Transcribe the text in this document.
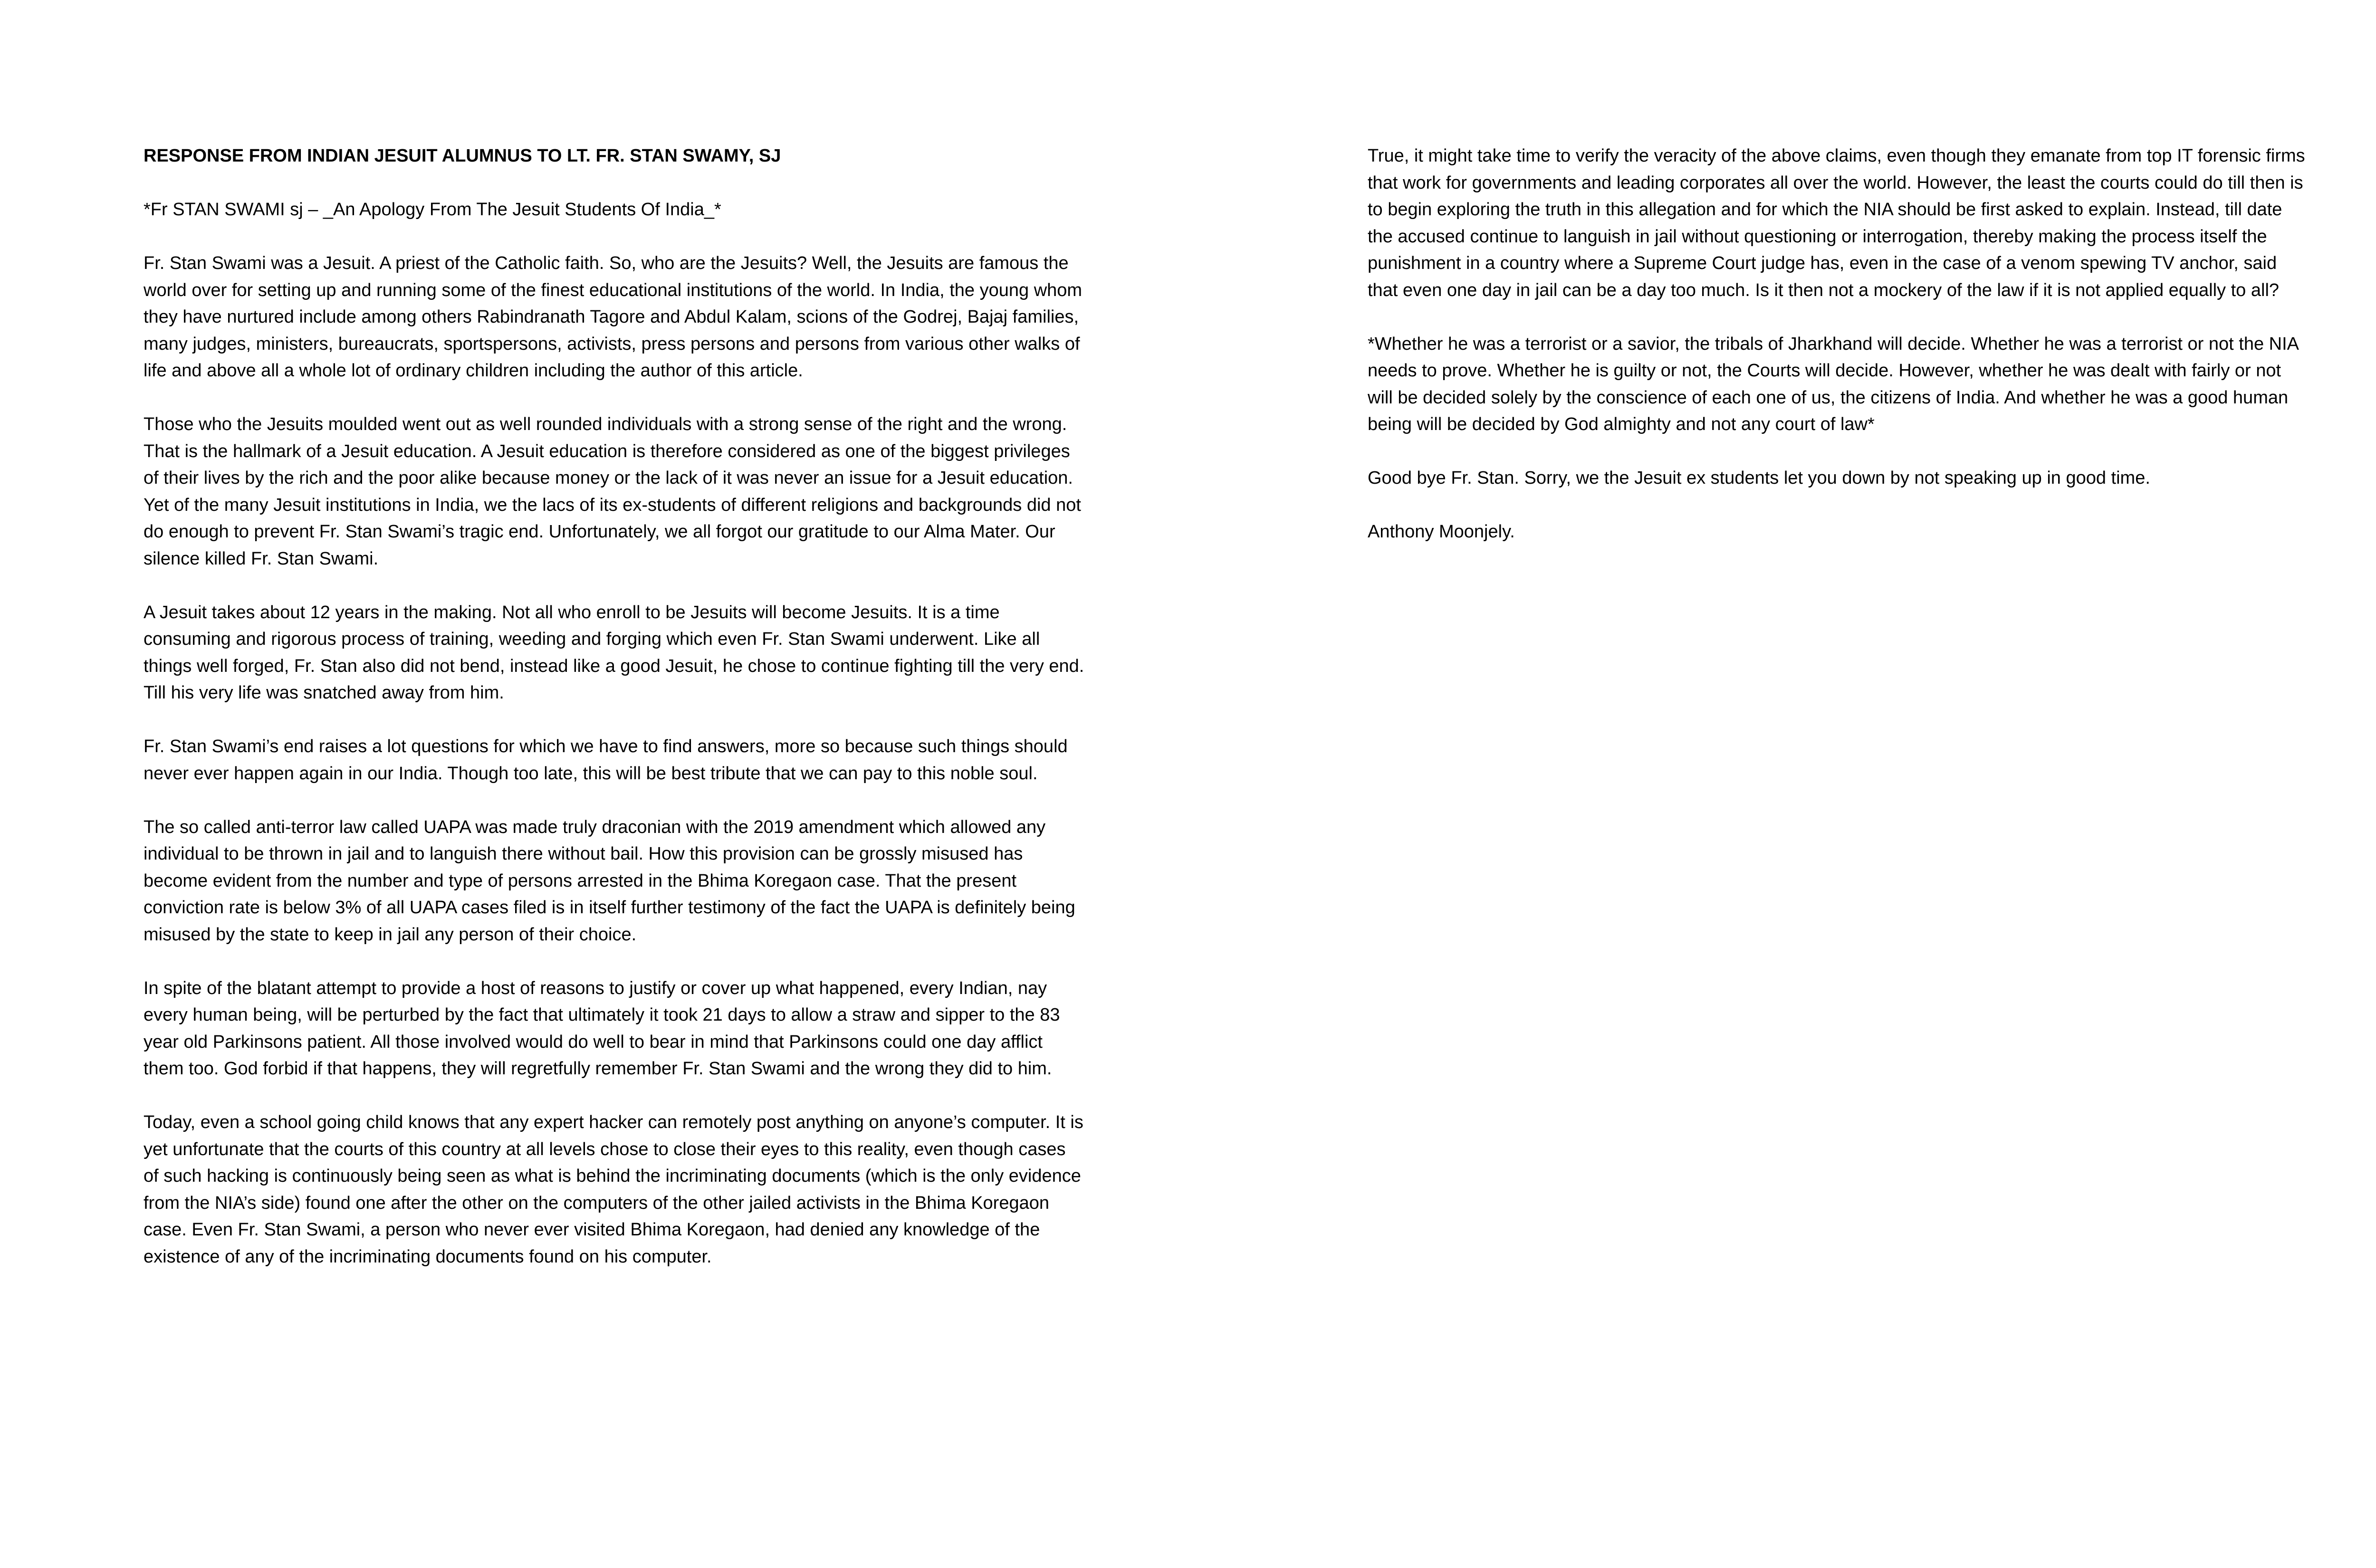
RESPONSE FROM INDIAN JESUIT ALUMNUS TO LT. FR. STAN SWAMY, SJ

*Fr STAN SWAMI sj – _An Apology From The Jesuit Students Of India_*

Fr. Stan Swami was a Jesuit. A priest of the Catholic faith. So, who are the Jesuits? Well, the Jesuits are famous the world over for setting up and running some of the finest educational institutions of the world. In India, the young whom they have nurtured include among others Rabindranath Tagore and Abdul Kalam, scions of the Godrej, Bajaj families, many judges, ministers, bureaucrats, sportspersons, activists, press persons and persons from various other walks of life and above all a whole lot of ordinary children including the author of this article.

Those who the Jesuits moulded went out as well rounded individuals with a strong sense of the right and the wrong. That is the hallmark of a Jesuit education. A Jesuit education is therefore considered as one of the biggest privileges of their lives by the rich and the poor alike because money or the lack of it was never an issue for a Jesuit education. Yet of the many Jesuit institutions in India, we the lacs of its ex-students of different religions and backgrounds did not do enough to prevent Fr. Stan Swami’s tragic end. Unfortunately, we all forgot our gratitude to our Alma Mater. Our silence killed Fr. Stan Swami.

A Jesuit takes about 12 years in the making. Not all who enroll to be Jesuits will become Jesuits. It is a time consuming and rigorous process of training, weeding and forging which even Fr. Stan Swami underwent. Like all things well forged, Fr. Stan also did not bend, instead like a good Jesuit, he chose to continue fighting till the very end. Till his very life was snatched away from him.

Fr. Stan Swami’s end raises a lot questions for which we have to find answers, more so because such things should never ever happen again in our India. Though too late, this will be best tribute that we can pay to this noble soul.

The so called anti-terror law called UAPA was made truly draconian with the 2019 amendment which allowed any individual to be thrown in jail and to languish there without bail. How this provision can be grossly misused has become evident from the number and type of persons arrested in the Bhima Koregaon case. That the present conviction rate is below 3% of all UAPA cases filed is in itself further testimony of the fact the UAPA is definitely being misused by the state to keep in jail any person of their choice.

In spite of the blatant attempt to provide a host of reasons to justify or cover up what happened, every Indian, nay every human being, will be perturbed by the fact that ultimately it took 21 days to allow a straw and sipper to the 83 year old Parkinsons patient. All those involved would do well to bear in mind that Parkinsons could one day afflict them too. God forbid if that happens, they will regretfully remember Fr. Stan Swami and the wrong they did to him.

Today, even a school going child knows that any expert hacker can remotely post anything on anyone’s computer. It is yet unfortunate that the courts of this country at all levels chose to close their eyes to this reality, even though cases of such hacking is continuously being seen as what is behind the incriminating documents (which is the only evidence from the NIA’s side) found one after the other on the computers of the other jailed activists in the Bhima Koregaon case. Even Fr. Stan Swami, a person who never ever visited Bhima Koregaon, had denied any knowledge of the existence of any of the incriminating documents found on his computer.

True, it might take time to verify the veracity of the above claims, even though they emanate from top IT forensic firms that work for governments and leading corporates all over the world. However, the least the courts could do till then is to begin exploring the truth in this allegation and for which the NIA should be first asked to explain. Instead, till date the accused continue to languish in jail without questioning or interrogation, thereby making the process itself the punishment in a country where a Supreme Court judge has, even in the case of a venom spewing TV anchor, said that even one day in jail can be a day too much. Is it then not a mockery of the law if it is not applied equally to all?

*Whether he was a terrorist or a savior, the tribals of Jharkhand will decide. Whether he was a terrorist or not the NIA needs to prove. Whether he is guilty or not, the Courts will decide. However, whether he was dealt with fairly or not will be decided solely by the conscience of each one of us, the citizens of India. And whether he was a good human being will be decided by God almighty and not any court of law*

Good bye Fr. Stan. Sorry, we the Jesuit ex students let you down by not speaking up in good time.

Anthony Moonjely.
